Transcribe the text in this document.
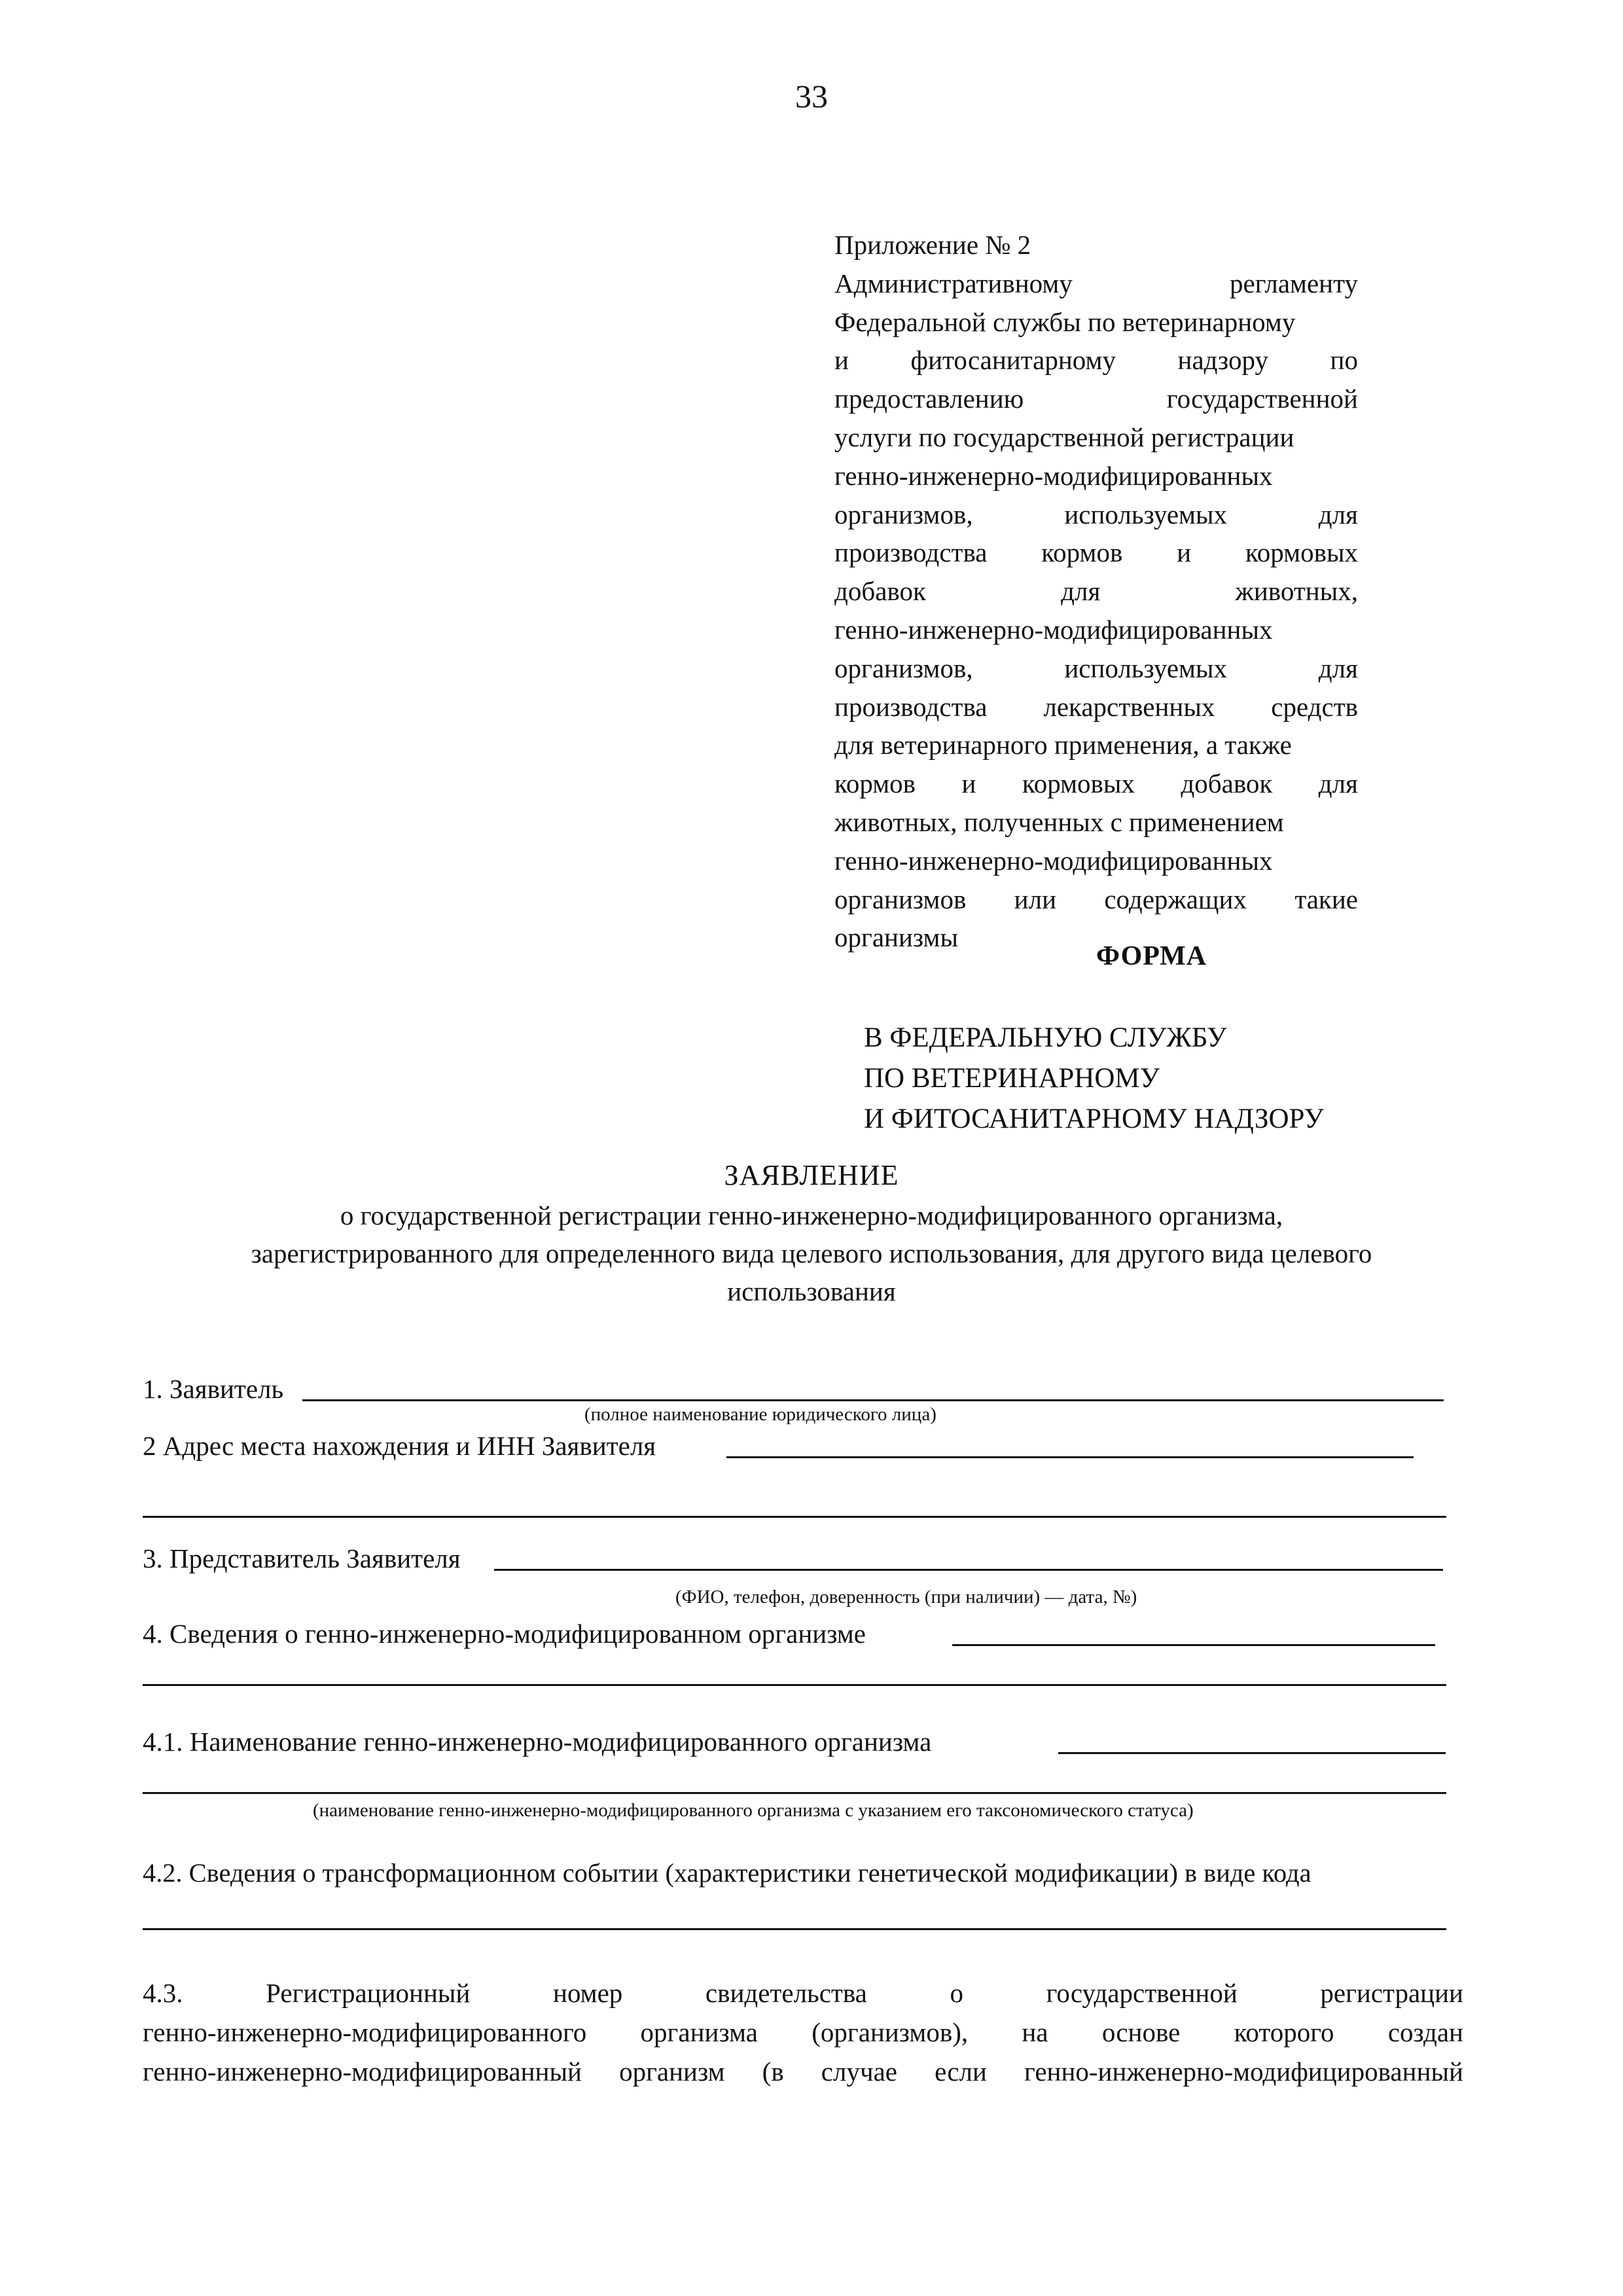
33
Приложение № 2
Административному регламенту
Федеральной службы по ветеринарному
и фитосанитарному надзору по
предоставлению государственной
услуги по государственной регистрации
генно-инженерно-модифицированных
организмов, используемых для
производства кормов и кормовых
добавок для животных,
генно-инженерно-модифицированных
организмов, используемых для
производства лекарственных средств
для ветеринарного применения, а также
кормов и кормовых добавок для
животных, полученных с применением
генно-инженерно-модифицированных
организмов или содержащих такие
организмы
ФОРМА
В ФЕДЕРАЛЬНУЮ СЛУЖБУ
ПО ВЕТЕРИНАРНОМУ
И ФИТОСАНИТАРНОМУ НАДЗОРУ
ЗАЯВЛЕНИЕ
о государственной регистрации генно-инженерно-модифицированного организма,
зарегистрированного для определенного вида целевого использования, для другого вида целевого
использования
1. Заявитель
(полное наименование юридического лица)
2 Адрес места нахождения и ИНН Заявителя
3. Представитель Заявителя
(ФИО, телефон, доверенность (при наличии) — дата, №)
4. Сведения о генно-инженерно-модифицированном организме
4.1. Наименование генно-инженерно-модифицированного организма
(наименование генно-инженерно-модифицированного организма с указанием его таксономического статуса)
4.2. Сведения о трансформационном событии (характеристики генетической модификации) в виде кода
4.3. Регистрационный номер свидетельства о государственной регистрации
генно-инженерно-модифицированного организма (организмов), на основе которого создан
генно-инженерно-модифицированный организм (в случае если генно-инженерно-модифицированный
